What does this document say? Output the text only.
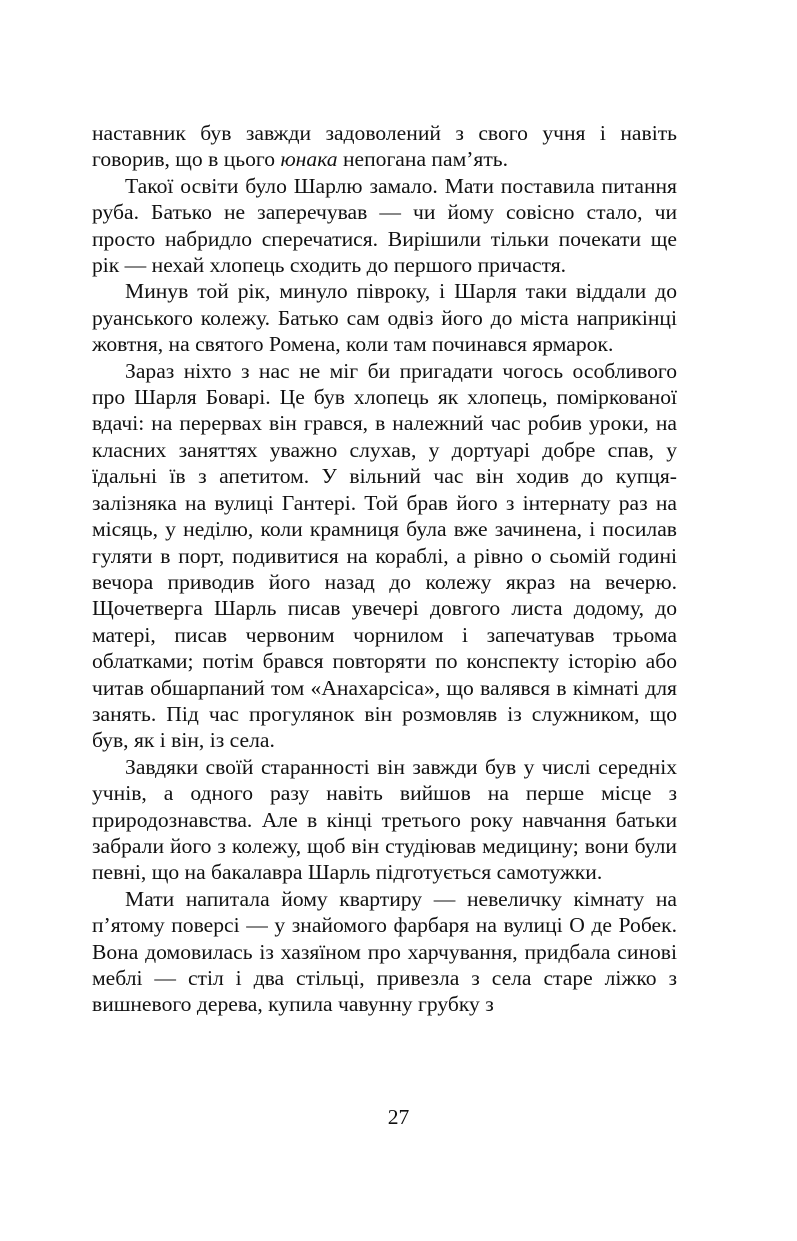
наставник був завжди задоволений з свого учня і навіть говорив, що в цього юнака непогана пам’ять.

Такої освіти було Шарлю замало. Мати поставила питання руба. Батько не заперечував — чи йому совісно стало, чи просто набридло сперечатися. Вирішили тільки почекати ще рік — нехай хлопець сходить до першого причастя.

Минув той рік, минуло півроку, і Шарля таки віддали до руанського колежу. Батько сам одвіз його до міста наприкінці жовтня, на святого Ромена, коли там починався ярмарок.

Зараз ніхто з нас не міг би пригадати чогось особливого про Шарля Боварі. Це був хлопець як хлопець, поміркованої вдачі: на перервах він грався, в належний час робив уроки, на класних заняттях уважно слухав, у дортуарі добре спав, у їдальні їв з апетитом. У вільний час він ходив до купця-залізняка на вулиці Гантері. Той брав його з інтернату раз на місяць, у неділю, коли крамниця була вже зачинена, і посилав гуляти в порт, подивитися на кораблі, а рівно о сьомій годині вечора приводив його назад до колежу якраз на вечерю. Щочетверга Шарль писав увечері довгого листа додому, до матері, писав червоним чорнилом і запечатував трьома облатками; потім брався повторяти по конспекту історію або читав обшарпаний том «Анахарсіса», що валявся в кімнаті для занять. Під час прогулянок він розмовляв із служником, що був, як і він, із села.

Завдяки своїй старанності він завжди був у числі середніх учнів, а одного разу навіть вийшов на перше місце з природознавства. Але в кінці третього року навчання батьки забрали його з колежу, щоб він студіював медицину; вони були певні, що на бакалавра Шарль підготується самотужки.

Мати напитала йому квартиру — невеличку кімнату на п’ятому поверсі — у знайомого фарбаря на вулиці О де Робек. Вона домовилась із хазяїном про харчування, придбала синові меблі — стіл і два стільці, привезла з села старе ліжко з вишневого дерева, купила чавунну грубку з

27
